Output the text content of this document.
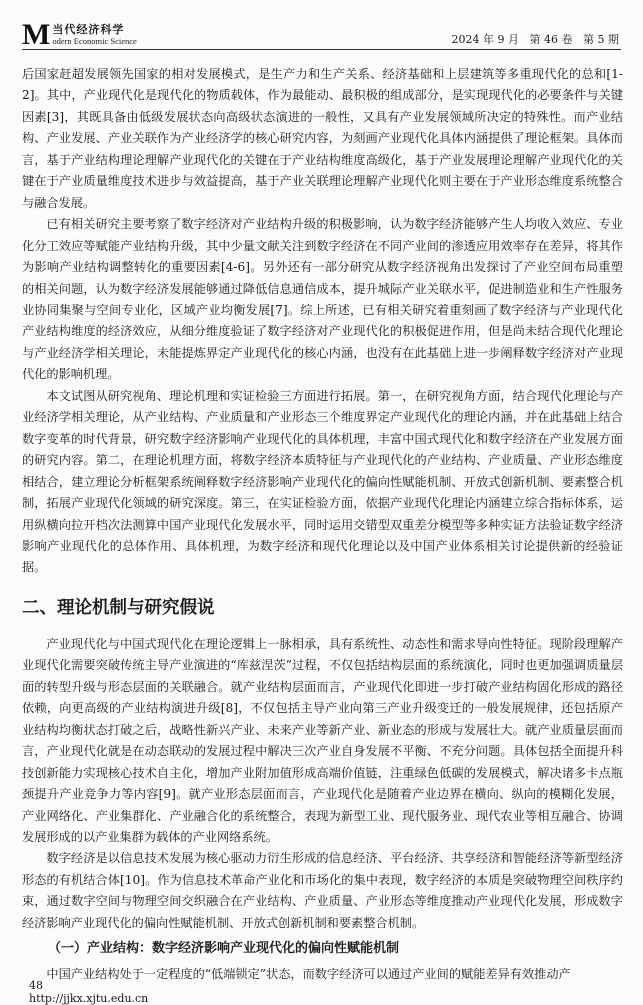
M 当代经济科学
odern Economic Science	2024 年 9 月   第 46 卷   第 5 期

后国家赶超发展领先国家的相对发展模式，是生产力和生产关系、经济基础和上层建筑等多重现代化的总和[1-2]。其中，产业现代化是现代化的物质载体，作为最能动、最积极的组成部分，是实现现代化的必要条件与关键因素[3]，其既具备由低级发展状态向高级状态演进的一般性，又具有产业发展领域所决定的特殊性。而产业结构、产业发展、产业关联作为产业经济学的核心研究内容，为刻画产业现代化具体内涵提供了理论框架。具体而言，基于产业结构理论理解产业现代化的关键在于产业结构维度高级化，基于产业发展理论理解产业现代化的关键在于产业质量维度技术进步与效益提高，基于产业关联理论理解产业现代化则主要在于产业形态维度系统整合与融合发展。

已有相关研究主要考察了数字经济对产业结构升级的积极影响，认为数字经济能够产生人均收入效应、专业化分工效应等赋能产业结构升级，其中少量文献关注到数字经济在不同产业间的渗透应用效率存在差异，将其作为影响产业结构调整转化的重要因素[4-6]。另外还有一部分研究从数字经济视角出发探讨了产业空间布局重塑的相关问题，认为数字经济发展能够通过降低信息通信成本，提升城际产业关联水平，促进制造业和生产性服务业协同集聚与空间专业化，区域产业均衡发展[7]。综上所述，已有相关研究着重刻画了数字经济与产业现代化产业结构维度的经济效应，从细分维度验证了数字经济对产业现代化的积极促进作用，但是尚未结合现代化理论与产业经济学相关理论，未能提炼界定产业现代化的核心内涵，也没有在此基础上进一步阐释数字经济对产业现代化的影响机理。

本文试图从研究视角、理论机理和实证检验三方面进行拓展。第一，在研究视角方面，结合现代化理论与产业经济学相关理论，从产业结构、产业质量和产业形态三个维度界定产业现代化的理论内涵，并在此基础上结合数字变革的时代背景，研究数字经济影响产业现代化的具体机理，丰富中国式现代化和数字经济在产业发展方面的研究内容。第二，在理论机理方面，将数字经济本质特征与产业现代化的产业结构、产业质量、产业形态维度相结合，建立理论分析框架系统阐释数字经济影响产业现代化的偏向性赋能机制、开放式创新机制、要素整合机制，拓展产业现代化领域的研究深度。第三，在实证检验方面，依据产业现代化理论内涵建立综合指标体系，运用纵横向拉开档次法测算中国产业现代化发展水平，同时运用交错型双重差分模型等多种实证方法验证数字经济影响产业现代化的总体作用、具体机理，为数字经济和现代化理论以及中国产业体系相关讨论提供新的经验证据。

二、理论机制与研究假说

产业现代化与中国式现代化在理论逻辑上一脉相承，具有系统性、动态性和需求导向性特征。现阶段理解产业现代化需要突破传统主导产业演进的“库兹涅茨”过程，不仅包括结构层面的系统演化，同时也更加强调质量层面的转型升级与形态层面的关联融合。就产业结构层面而言，产业现代化即进一步打破产业结构固化形成的路径依赖，向更高级的产业结构演进升级[8]，不仅包括主导产业向第三产业升级变迁的一般发展规律，还包括原产业结构均衡状态打破之后，战略性新兴产业、未来产业等新产业、新业态的形成与发展壮大。就产业质量层面而言，产业现代化就是在动态联动的发展过程中解决三次产业自身发展不平衡、不充分问题。具体包括全面提升科技创新能力实现核心技术自主化，增加产业附加值形成高端价值链，注重绿色低碳的发展模式，解决诸多卡点瓶颈提升产业竞争力等内容[9]。就产业形态层面而言，产业现代化是随着产业边界在横向、纵向的模糊化发展，产业网络化、产业集群化、产业融合化的系统整合，表现为新型工业、现代服务业、现代农业等相互融合、协调发展形成的以产业集群为载体的产业网络系统。

数字经济是以信息技术发展为核心驱动力衍生形成的信息经济、平台经济、共享经济和智能经济等新型经济形态的有机结合体[10]。作为信息技术革命产业化和市场化的集中表现，数字经济的本质是突破物理空间秩序约束，通过数字空间与物理空间交织融合在产业结构、产业质量、产业形态等维度推动产业现代化发展，形成数字经济影响产业现代化的偏向性赋能机制、开放式创新机制和要素整合机制。

（一）产业结构：数字经济影响产业现代化的偏向性赋能机制

中国产业结构处于一定程度的“低端锁定”状态，而数字经济可以通过产业间的赋能差异有效推动产

48
http://jjkx.xjtu.edu.cn
